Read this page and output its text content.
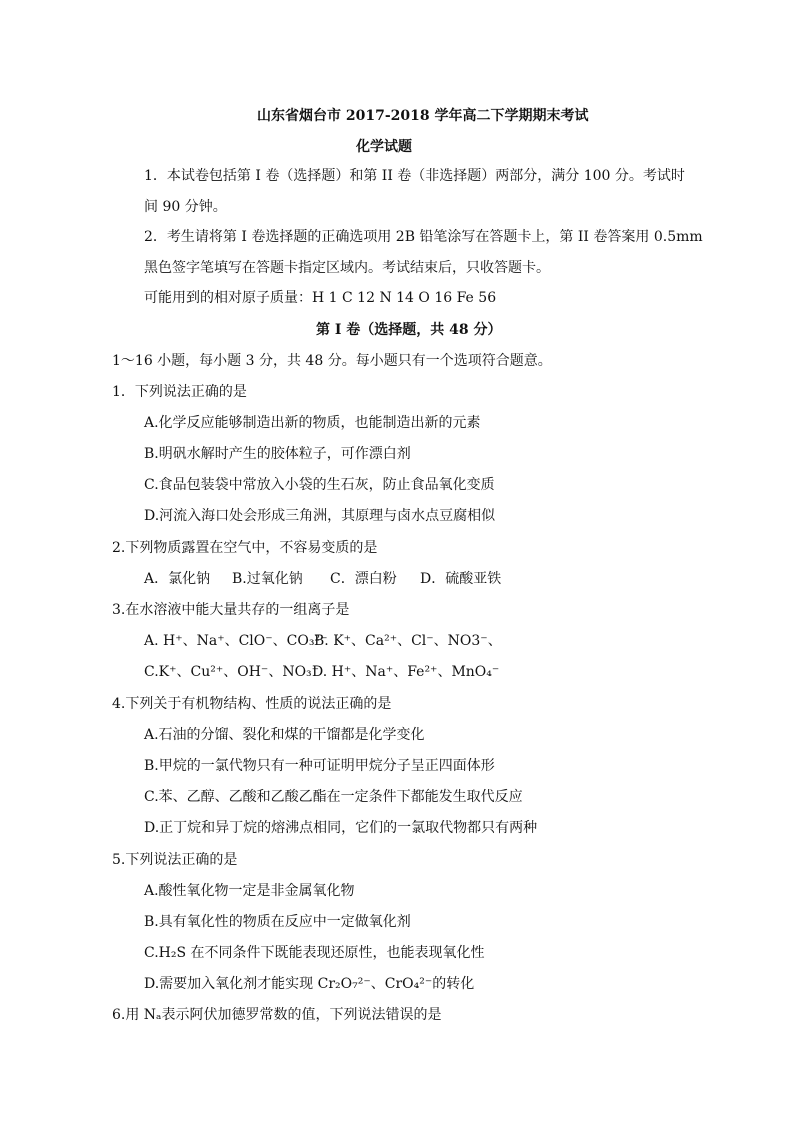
山东省烟台市 2017-2018 学年高二下学期期末考试
化学试题
1．本试卷包括第 I 卷（选择题）和第 II 卷（非选择题）两部分，满分 100 分。考试时
间 90 分钟。
2．考生请将第 I 卷选择题的正确选项用 2B 铅笔涂写在答题卡上，第 II 卷答案用 0.5mm
黑色签字笔填写在答题卡指定区域内。考试结束后，只收答题卡。
可能用到的相对原子质量：H 1 C 12 N 14 O 16 Fe 56
第 I 卷（选择题，共 48 分）
1～16 小题，每小题 3 分，共 48 分。每小题只有一个选项符合题意。
1．下列说法正确的是
A.化学反应能够制造出新的物质，也能制造出新的元素
B.明矾水解时产生的胶体粒子，可作漂白剂
C.食品包装袋中常放入小袋的生石灰，防止食品氧化变质
D.河流入海口处会形成三角洲，其原理与卤水点豆腐相似
2.下列物质露置在空气中，不容易变质的是
A．氯化钠 B.过氧化钠 C．漂白粉 D．硫酸亚铁
3.在水溶液中能大量共存的一组离子是
A. H⁺、Na⁺、ClO⁻、CO₃²⁻
B. K⁺、Ca²⁺、Cl⁻、NO3⁻、
C.K⁺、Cu²⁺、OH⁻、NO₃⁻
D. H⁺、Na⁺、Fe²⁺、MnO₄⁻
4.下列关于有机物结构、性质的说法正确的是
A.石油的分馏、裂化和煤的干馏都是化学变化
B.甲烷的一氯代物只有一种可证明甲烷分子呈正四面体形
C.苯、乙醇、乙酸和乙酸乙酯在一定条件下都能发生取代反应
D.正丁烷和异丁烷的熔沸点相同，它们的一氯取代物都只有两种
5.下列说法正确的是
A.酸性氧化物一定是非金属氧化物
B.具有氧化性的物质在反应中一定做氧化剂
C.H₂S 在不同条件下既能表现还原性，也能表现氧化性
D.需要加入氧化剂才能实现 Cr₂O₇²⁻、CrO₄²⁻的转化
6.用 Nₐ表示阿伏加德罗常数的值，下列说法错误的是
